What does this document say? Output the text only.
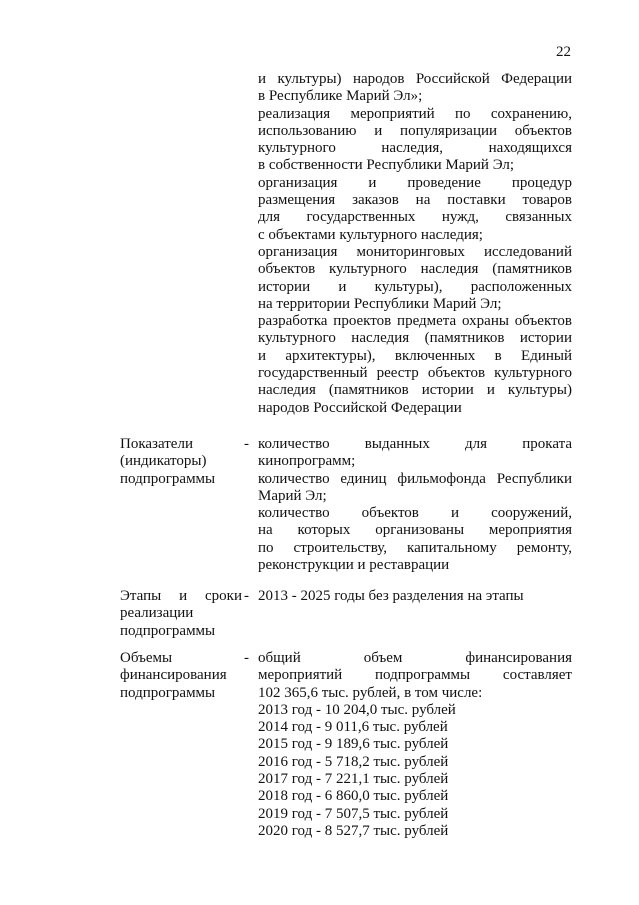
22
и культуры) народов Российской Федерации
в Республике Марий Эл»;
реализация мероприятий по сохранению,
использованию и популяризации объектов
культурного наследия, находящихся
в собственности Республики Марий Эл;
организация и проведение процедур
размещения заказов на поставки товаров
для государственных нужд, связанных
с объектами культурного наследия;
организация мониторинговых исследований
объектов культурного наследия (памятников
истории и культуры), расположенных
на территории Республики Марий Эл;
разработка проектов предмета охраны объектов
культурного наследия (памятников истории
и архитектуры), включенных в Единый
государственный реестр объектов культурного
наследия (памятников истории и культуры)
народов Российской Федерации
Показатели
(индикаторы)
подпрограммы
- количество выданных для проката
кинопрограмм;
количество единиц фильмофонда Республики
Марий Эл;
количество объектов и сооружений,
на которых организованы мероприятия
по строительству, капитальному ремонту,
реконструкции и реставрации
Этапы и сроки
реализации
подпрограммы
- 2013 - 2025 годы без разделения на этапы
Объемы
финансирования
подпрограммы
- общий объем финансирования
мероприятий подпрограммы составляет
102 365,6 тыс. рублей, в том числе:
2013 год - 10 204,0 тыс. рублей
2014 год - 9 011,6 тыс. рублей
2015 год - 9 189,6 тыс. рублей
2016 год - 5 718,2 тыс. рублей
2017 год - 7 221,1 тыс. рублей
2018 год - 6 860,0 тыс. рублей
2019 год - 7 507,5 тыс. рублей
2020 год - 8 527,7 тыс. рублей
